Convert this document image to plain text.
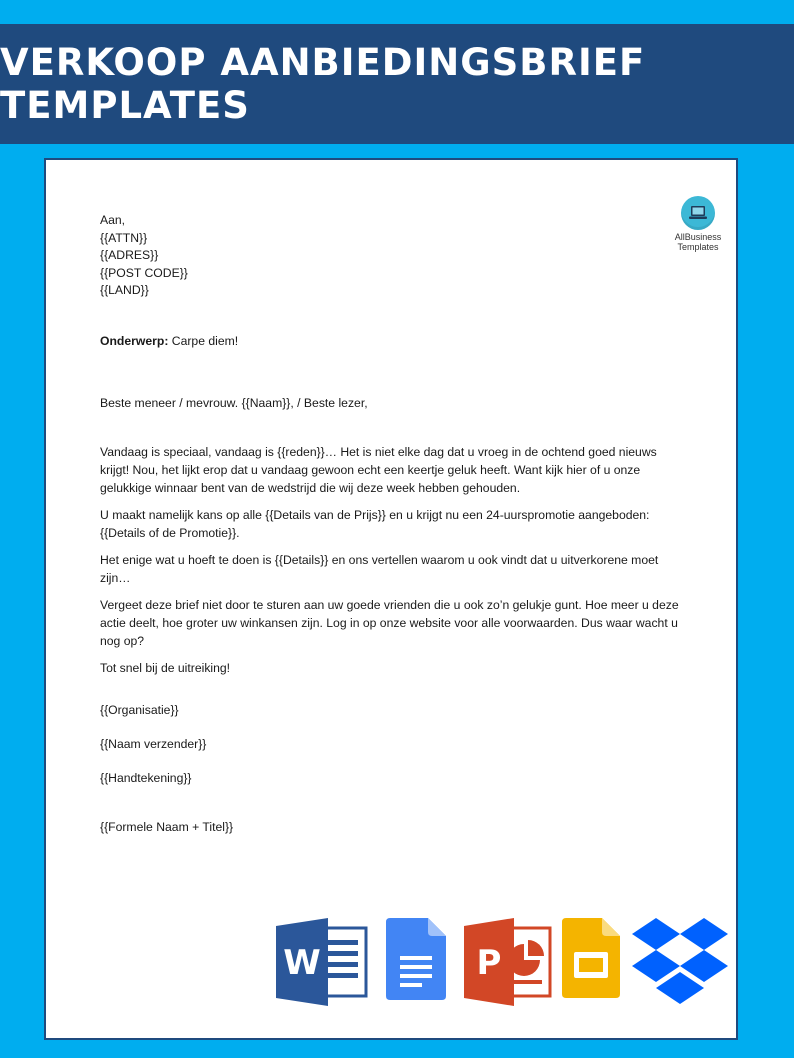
VERKOOP AANBIEDINGSBRIEF TEMPLATES
AllBusiness
Templates
Aan,
{{ATTN}}
{{ADRES}}
{{POST CODE}}
{{LAND}}

Onderwerp: Carpe diem!

Beste meneer / mevrouw. {{Naam}}, / Beste lezer,

Vandaag is speciaal, vandaag is {{reden}}… Het is niet elke dag dat u vroeg in de ochtend goed nieuws krijgt! Nou, het lijkt erop dat u vandaag gewoon echt een keertje geluk heeft. Want kijk hier of u onze gelukkige winnaar bent van de wedstrijd die wij deze week hebben gehouden.

U maakt namelijk kans op alle {{Details van de Prijs}} en u krijgt nu een 24-uurspromotie aangeboden: {{Details of de Promotie}}.

Het enige wat u hoeft te doen is {{Details}} en ons vertellen waarom u ook vindt dat u uitverkorene moet zijn…

Vergeet deze brief niet door te sturen aan uw goede vrienden die u ook zo’n gelukje gunt. Hoe meer u deze actie deelt, hoe groter uw winkansen zijn. Log in op onze website voor alle voorwaarden. Dus waar wacht u nog op?

Tot snel bij de uitreiking!

{{Organisatie}}

{{Naam verzender}}

{{Handtekening}}

{{Formele Naam + Titel}}

W	P
